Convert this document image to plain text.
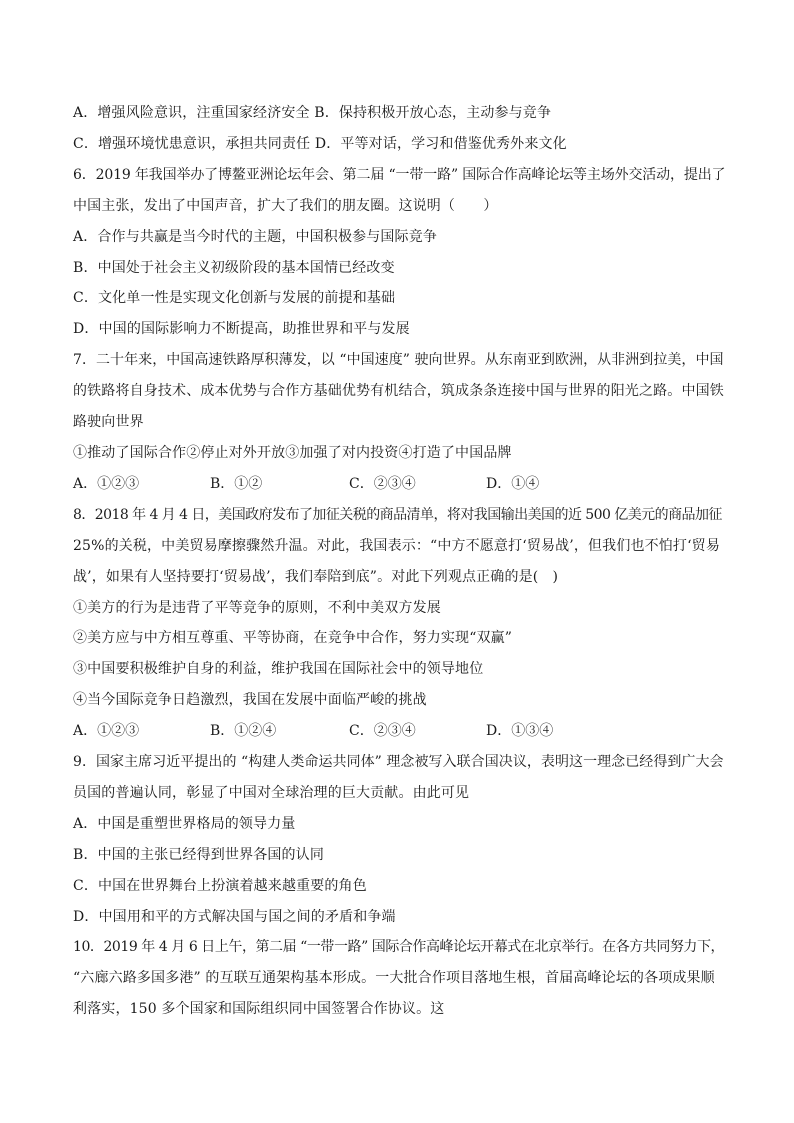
A．增强风险意识，注重国家经济安全 B．保持积极开放心态，主动参与竞争
C．增强环境忧患意识，承担共同责任 D．平等对话，学习和借鉴优秀外来文化
6．2019 年我国举办了博鳌亚洲论坛年会、第二届 “一带一路” 国际合作高峰论坛等主场外交活动，提出了
中国主张，发出了中国声音，扩大了我们的朋友圈。这说明（　　）
A．合作与共赢是当今时代的主题，中国积极参与国际竞争
B．中国处于社会主义初级阶段的基本国情已经改变
C．文化单一性是实现文化创新与发展的前提和基础
D．中国的国际影响力不断提高，助推世界和平与发展
7．二十年来，中国高速铁路厚积薄发，以 “中国速度” 驶向世界。从东南亚到欧洲，从非洲到拉美，中国
的铁路将自身技术、成本优势与合作方基础优势有机结合，筑成条条连接中国与世界的阳光之路。中国铁
路驶向世界
①推动了国际合作②停止对外开放③加强了对内投资④打造了中国品牌
A．①②③	B．①②	C．②③④	D．①④
8．2018 年 4 月 4 日，美国政府发布了加征关税的商品清单，将对我国输出美国的近 500 亿美元的商品加征
25%的关税，中美贸易摩擦骤然升温。对此，我国表示：“中方不愿意打‘贸易战’，但我们也不怕打‘贸易
战’，如果有人坚持要打‘贸易战’，我们奉陪到底”。对此下列观点正确的是(　)
①美方的行为是违背了平等竞争的原则，不利中美双方发展
②美方应与中方相互尊重、平等协商，在竞争中合作，努力实现“双赢”
③中国要积极维护自身的利益，维护我国在国际社会中的领导地位
④当今国际竞争日趋激烈，我国在发展中面临严峻的挑战
A．①②③	B．①②④	C．②③④	D．①③④
9．国家主席习近平提出的 “构建人类命运共同体” 理念被写入联合国决议，表明这一理念已经得到广大会
员国的普遍认同，彰显了中国对全球治理的巨大贡献。由此可见
A．中国是重塑世界格局的领导力量
B．中国的主张已经得到世界各国的认同
C．中国在世界舞台上扮演着越来越重要的角色
D．中国用和平的方式解决国与国之间的矛盾和争端
10．2019 年 4 月 6 日上午，第二届 “一带一路” 国际合作高峰论坛开幕式在北京举行。在各方共同努力下，
“六廊六路多国多港” 的互联互通架构基本形成。一大批合作项目落地生根，首届高峰论坛的各项成果顺
利落实，150 多个国家和国际组织同中国签署合作协议。这
